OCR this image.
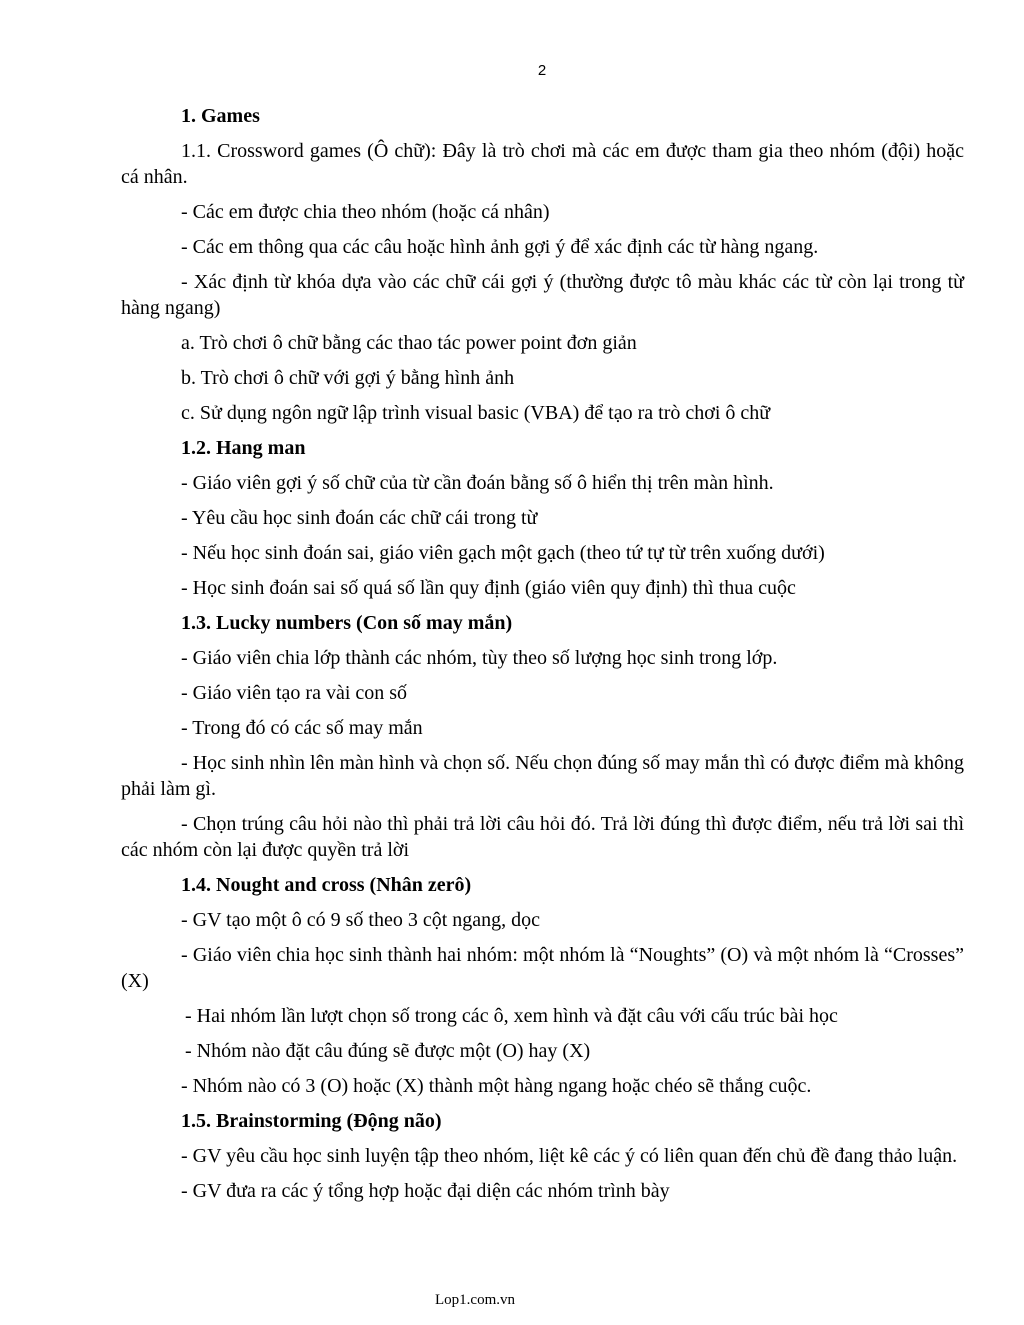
2

1. Games

1.1. Crossword games (Ô chữ): Đây là trò chơi mà các em được tham gia theo nhóm (đội) hoặc cá nhân.

- Các em được chia theo nhóm (hoặc cá nhân)

- Các em thông qua các câu hoặc hình ảnh gợi ý để xác định các từ hàng ngang.

- Xác định từ khóa dựa vào các chữ cái gợi ý (thường được tô màu khác các từ còn lại trong từ hàng ngang)

a. Trò chơi ô chữ bằng các thao tác power point đơn giản

b. Trò chơi ô chữ với gợi ý bằng hình ảnh

c. Sử dụng ngôn ngữ lập trình visual basic (VBA) để tạo ra trò chơi ô chữ

1.2. Hang man

- Giáo viên gợi ý số chữ của từ cần đoán bằng số ô hiển thị trên màn hình.

- Yêu cầu học sinh đoán các chữ cái trong từ

- Nếu học sinh đoán sai, giáo viên gạch một gạch (theo tứ tự từ trên xuống dưới)

- Học sinh đoán sai số quá số lần quy định (giáo viên quy định) thì thua cuộc

1.3. Lucky numbers (Con số may mắn)

- Giáo viên chia lớp thành các nhóm, tùy theo số lượng học sinh trong lớp.

- Giáo viên tạo ra vài con số

- Trong đó có các số may mắn

- Học sinh nhìn lên màn hình và chọn số. Nếu chọn đúng số may mắn thì có được điểm mà không phải làm gì.

- Chọn trúng câu hỏi nào thì phải trả lời câu hỏi đó. Trả lời đúng thì được điểm, nếu trả lời sai thì các nhóm còn lại được quyền trả lời

1.4. Nought and cross (Nhân zerô)

- GV tạo một ô có 9 số theo 3 cột ngang, dọc

- Giáo viên chia học sinh thành hai nhóm: một nhóm là “Noughts” (O) và một nhóm là “Crosses” (X)

- Hai nhóm lần lượt chọn số trong các ô, xem hình và đặt câu với cấu trúc bài học

- Nhóm nào đặt câu đúng sẽ được một (O) hay (X)

- Nhóm nào có 3 (O) hoặc (X) thành một hàng ngang hoặc chéo sẽ thắng cuộc.

1.5. Brainstorming (Động não)

- GV yêu cầu học sinh luyện tập theo nhóm, liệt kê các ý có liên quan đến chủ đề đang thảo luận.

- GV đưa ra các ý tổng hợp hoặc đại diện các nhóm trình bày

Lop1.com.vn
